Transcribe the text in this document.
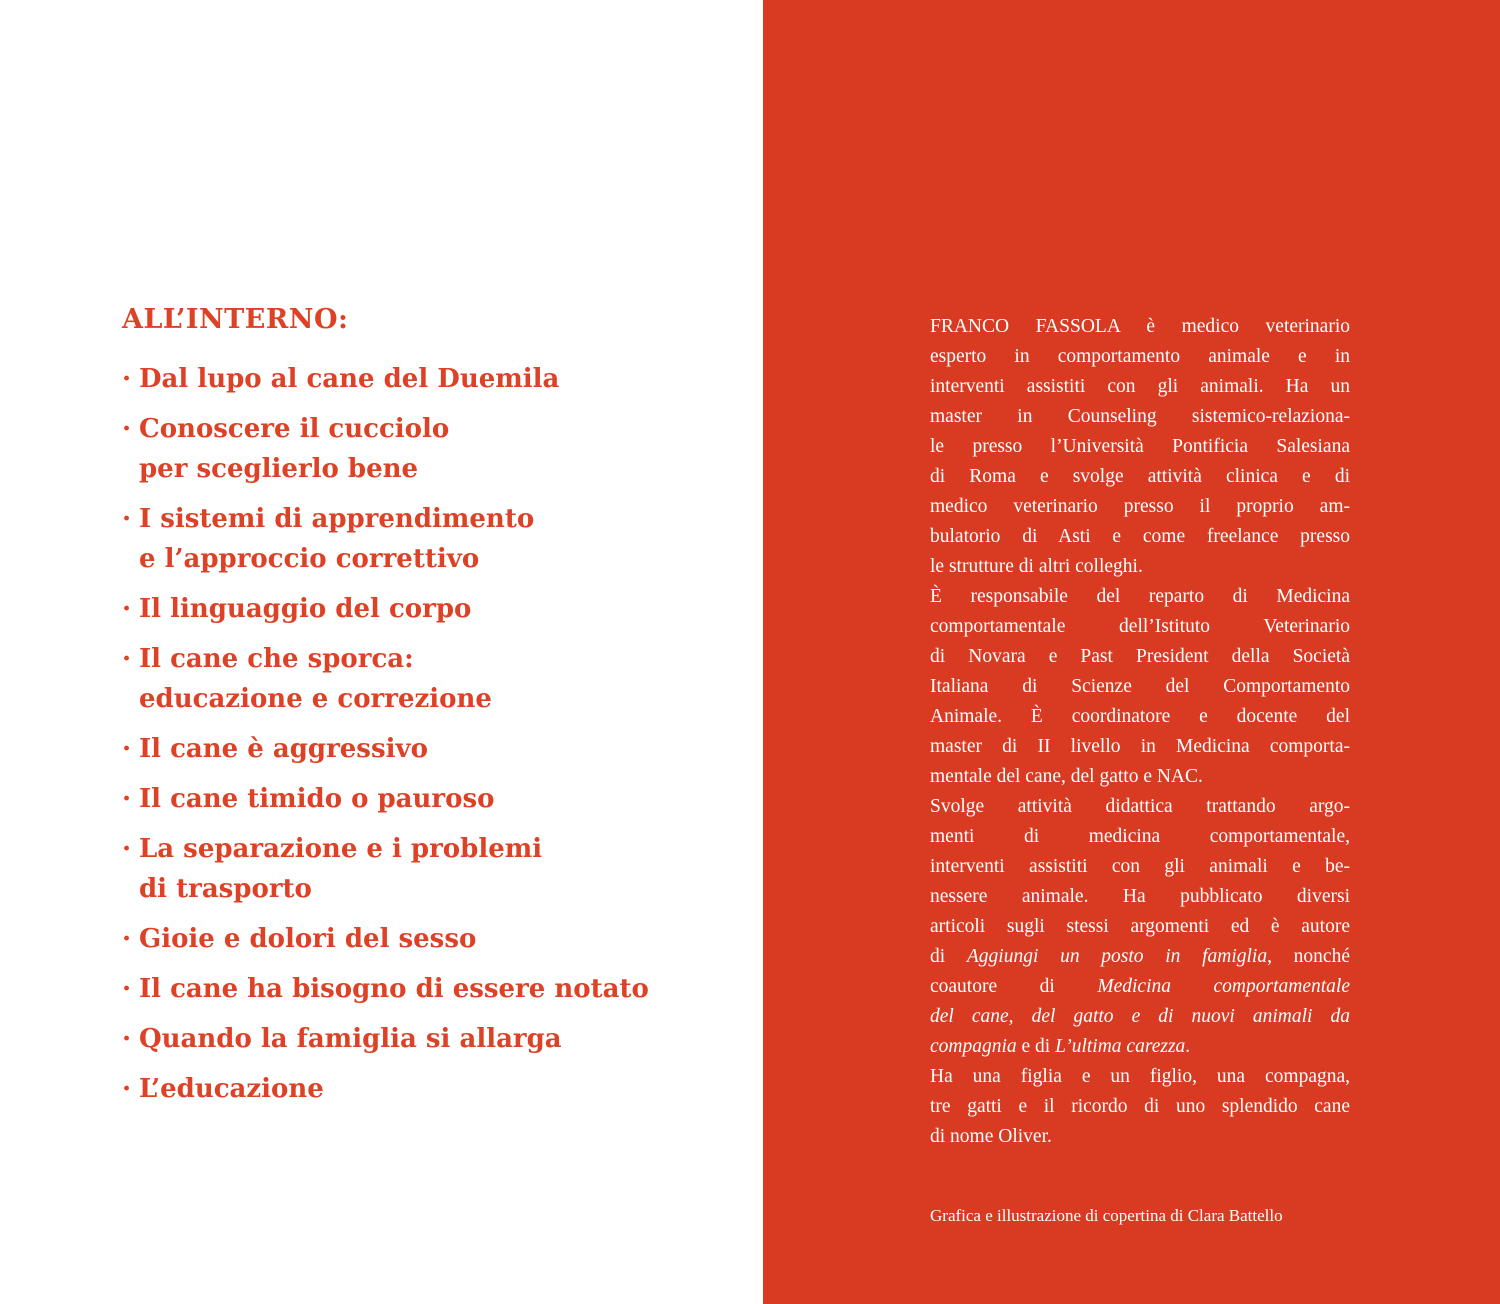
ALL’INTERNO:
· Dal lupo al cane del Duemila
· Conoscere il cucciolo
per sceglierlo bene
· I sistemi di apprendimento
e l’approccio correttivo
· Il linguaggio del corpo
· Il cane che sporca:
educazione e correzione
· Il cane è aggressivo
· Il cane timido o pauroso
· La separazione e i problemi
di trasporto
· Gioie e dolori del sesso
· Il cane ha bisogno di essere notato
· Quando la famiglia si allarga
· L’educazione
FRANCO FASSOLA è medico veterinario
esperto in comportamento animale e in
interventi assistiti con gli animali. Ha un
master in Counseling sistemico-relaziona-
le presso l’Università Pontificia Salesiana
di Roma e svolge attività clinica e di
medico veterinario presso il proprio am-
bulatorio di Asti e come freelance presso
le strutture di altri colleghi.
È responsabile del reparto di Medicina
comportamentale dell’Istituto Veterinario
di Novara e Past President della Società
Italiana di Scienze del Comportamento
Animale. È coordinatore e docente del
master di II livello in Medicina comporta-
mentale del cane, del gatto e NAC.
Svolge attività didattica trattando argo-
menti di medicina comportamentale,
interventi assistiti con gli animali e be-
nessere animale. Ha pubblicato diversi
articoli sugli stessi argomenti ed è autore
di Aggiungi un posto in famiglia, nonché
coautore di Medicina comportamentale
del cane, del gatto e di nuovi animali da
compagnia e di L’ultima carezza.
Ha una figlia e un figlio, una compagna,
tre gatti e il ricordo di uno splendido cane
di nome Oliver.
Grafica e illustrazione di copertina di Clara Battello
